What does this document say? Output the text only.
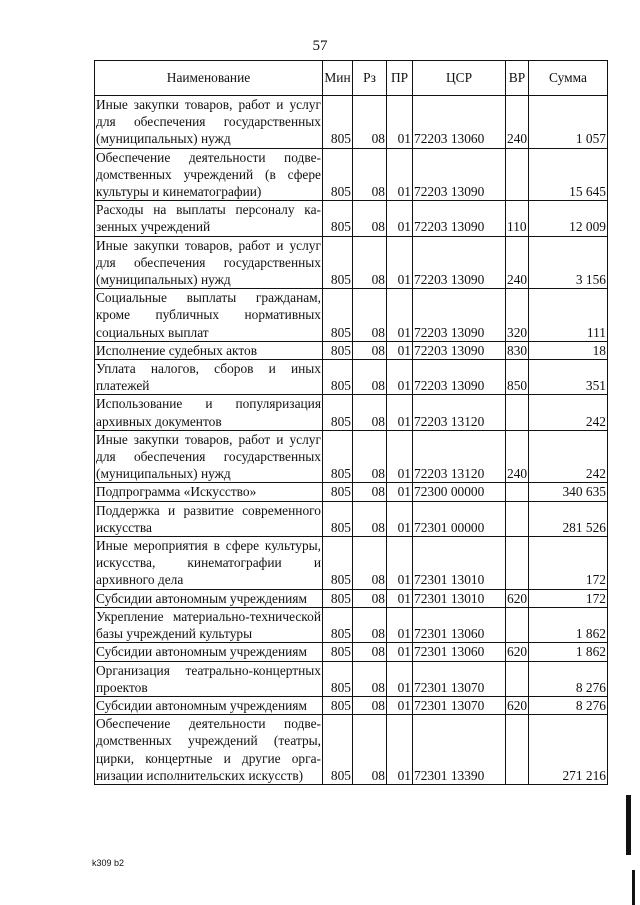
57
Наименование	Мин	Рз	ПР	ЦСР	ВР	Сумма
Иные закупки товаров, работ и услуг для обеспечения государственных (муниципальных) нужд	805	08	01	72203 13060	240	1 057
Обеспечение деятельности подведомственных учреждений (в сфере культуры и кинематографии)	805	08	01	72203 13090		15 645
Расходы на выплаты персоналу казенных учреждений	805	08	01	72203 13090	110	12 009
Иные закупки товаров, работ и услуг для обеспечения государственных (муниципальных) нужд	805	08	01	72203 13090	240	3 156
Социальные выплаты гражданам, кроме публичных нормативных социальных выплат	805	08	01	72203 13090	320	111
Исполнение судебных актов	805	08	01	72203 13090	830	18
Уплата налогов, сборов и иных платежей	805	08	01	72203 13090	850	351
Использование и популяризация архивных документов	805	08	01	72203 13120		242
Иные закупки товаров, работ и услуг для обеспечения государственных (муниципальных) нужд	805	08	01	72203 13120	240	242
Подпрограмма «Искусство»	805	08	01	72300 00000		340 635
Поддержка и развитие современного искусства	805	08	01	72301 00000		281 526
Иные мероприятия в сфере культуры, искусства, кинематографии и архивного дела	805	08	01	72301 13010		172
Субсидии автономным учреждениям	805	08	01	72301 13010	620	172
Укрепление материально-технической базы учреждений культуры	805	08	01	72301 13060		1 862
Субсидии автономным учреждениям	805	08	01	72301 13060	620	1 862
Организация театрально-концертных проектов	805	08	01	72301 13070		8 276
Субсидии автономным учреждениям	805	08	01	72301 13070	620	8 276
Обеспечение деятельности подведомственных учреждений (театры, цирки, концертные и другие организации исполнительских искусств)	805	08	01	72301 13390		271 216
k309 b2
